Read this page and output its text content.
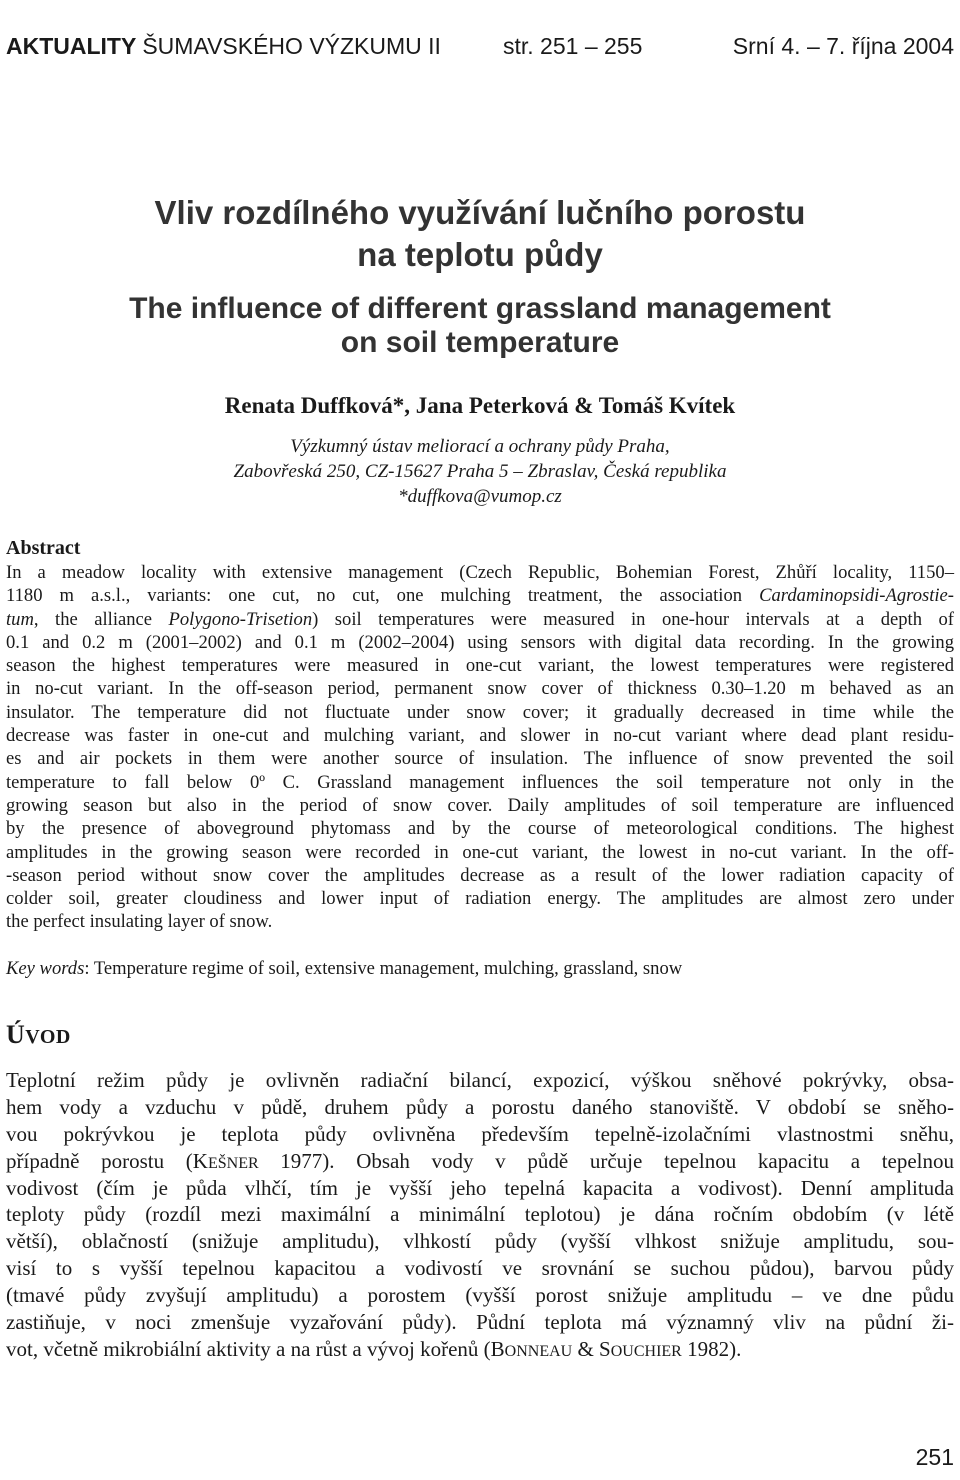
AKTUALITY ŠUMAVSKÉHO VÝZKUMU II	str. 251 – 255	Srní 4. – 7. října 2004
Vliv rozdílného využívání lučního porostu
na teplotu půdy
The influence of different grassland management
on soil temperature
Renata Duffková*, Jana Peterková & Tomáš Kvítek
Výzkumný ústav meliorací a ochrany půdy Praha,
Zabovřeská 250, CZ-15627 Praha 5 – Zbraslav, Česká republika
*duffkova@vumop.cz
Abstract
In a meadow locality with extensive management (Czech Republic, Bohemian Forest, Zhůří locality, 1150–
1180 m a.s.l., variants: one cut, no cut, one mulching treatment, the association Cardaminopsidi-Agrostie-
tum, the alliance Polygono-Trisetion) soil temperatures were measured in one-hour intervals at a depth of
0.1 and 0.2 m (2001–2002) and 0.1 m (2002–2004) using sensors with digital data recording. In the growing
season the highest temperatures were measured in one-cut variant, the lowest temperatures were registered
in no-cut variant. In the off-season period, permanent snow cover of thickness 0.30–1.20 m behaved as an
insulator. The temperature did not fluctuate under snow cover; it gradually decreased in time while the
decrease was faster in one-cut and mulching variant, and slower in no-cut variant where dead plant residu-
es and air pockets in them were another source of insulation. The influence of snow prevented the soil
temperature to fall below 0º C. Grassland management influences the soil temperature not only in the
growing season but also in the period of snow cover. Daily amplitudes of soil temperature are influenced
by the presence of aboveground phytomass and by the course of meteorological conditions. The highest
amplitudes in the growing season were recorded in one-cut variant, the lowest in no-cut variant. In the off-
-season period without snow cover the amplitudes decrease as a result of the lower radiation capacity of
colder soil, greater cloudiness and lower input of radiation energy. The amplitudes are almost zero under
the perfect insulating layer of snow.
Key words: Temperature regime of soil, extensive management, mulching, grassland, snow
ÚVOD
Teplotní režim půdy je ovlivněn radiační bilancí, expozicí, výškou sněhové pokrývky, obsa-
hem vody a vzduchu v půdě, druhem půdy a porostu daného stanoviště. V období se sněho-
vou pokrývkou je teplota půdy ovlivněna především tepelně-izolačními vlastnostmi sněhu,
případně porostu (KEŠNER 1977). Obsah vody v půdě určuje tepelnou kapacitu a tepelnou
vodivost (čím je půda vlhčí, tím je vyšší jeho tepelná kapacita a vodivost). Denní amplituda
teploty půdy (rozdíl mezi maximální a minimální teplotou) je dána ročním obdobím (v létě
větší), oblačností (snižuje amplitudu), vlhkostí půdy (vyšší vlhkost snižuje amplitudu, sou-
visí to s vyšší tepelnou kapacitou a vodivostí ve srovnání se suchou půdou), barvou půdy
(tmavé půdy zvyšují amplitudu) a porostem (vyšší porost snižuje amplitudu – ve dne půdu
zastiňuje, v noci zmenšuje vyzařování půdy). Půdní teplota má významný vliv na půdní ži-
vot, včetně mikrobiální aktivity a na růst a vývoj kořenů (BONNEAU & SOUCHIER 1982).
251
